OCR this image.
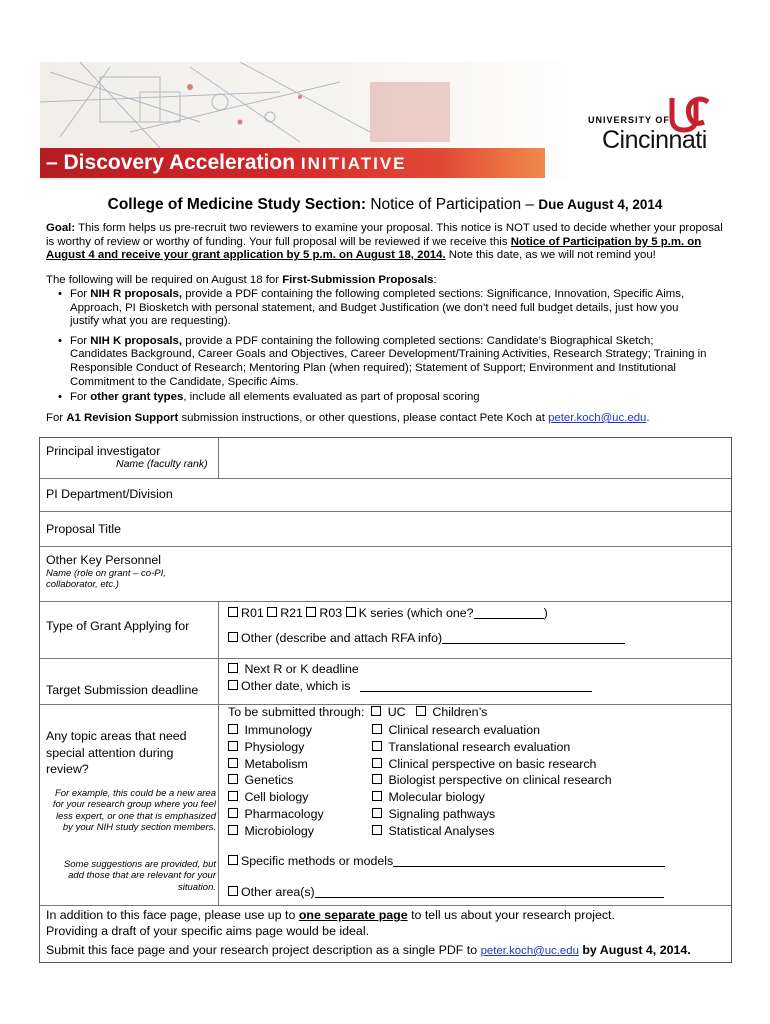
– Discovery Acceleration INITIATIVE
UNIVERSITY OF
Cincinnati
College of Medicine Study Section: Notice of Participation – Due August 4, 2014
Goal: This form helps us pre-recruit two reviewers to examine your proposal. This notice is NOT used to decide whether your proposal is worthy of review or worthy of funding. Your full proposal will be reviewed if we receive this Notice of Participation by 5 p.m. on August 4 and receive your grant application by 5 p.m. on August 18, 2014. Note this date, as we will not remind you!
The following will be required on August 18 for First-Submission Proposals:
• For NIH R proposals, provide a PDF containing the following completed sections: Significance, Innovation, Specific Aims, Approach, PI Biosketch with personal statement, and Budget Justification (we don’t need full budget details, just how you justify what you are requesting).
• For NIH K proposals, provide a PDF containing the following completed sections: Candidate’s Biographical Sketch; Candidates Background, Career Goals and Objectives, Career Development/Training Activities, Research Strategy; Training in Responsible Conduct of Research; Mentoring Plan (when required); Statement of Support; Environment and Institutional Commitment to the Candidate, Specific Aims.
• For other grant types, include all elements evaluated as part of proposal scoring
For A1 Revision Support submission instructions, or other questions, please contact Pete Koch at peter.koch@uc.edu.
Principal investigator
Name (faculty rank)
PI Department/Division
Proposal Title
Other Key Personnel
Name (role on grant – co-PI, collaborator, etc.)
Type of Grant Applying for
R01 R21 R03 K series (which one?	)
Other (describe and attach RFA info)
Target Submission deadline
Next R or K deadline
Other date, which is
To be submitted through: UC Children’s
Any topic areas that need special attention during review?
For example, this could be a new area for your research group where you feel less expert, or one that is emphasized by your NIH study section members.
Some suggestions are provided, but add those that are relevant for your situation.
Immunology
Physiology
Metabolism
Genetics
Cell biology
Pharmacology
Microbiology
Clinical research evaluation
Translational research evaluation
Clinical perspective on basic research
Biologist perspective on clinical research
Molecular biology
Signaling pathways
Statistical Analyses
Specific methods or models
Other area(s)
In addition to this face page, please use up to one separate page to tell us about your research project.
Providing a draft of your specific aims page would be ideal.
Submit this face page and your research project description as a single PDF to peter.koch@uc.edu by August 4, 2014.
